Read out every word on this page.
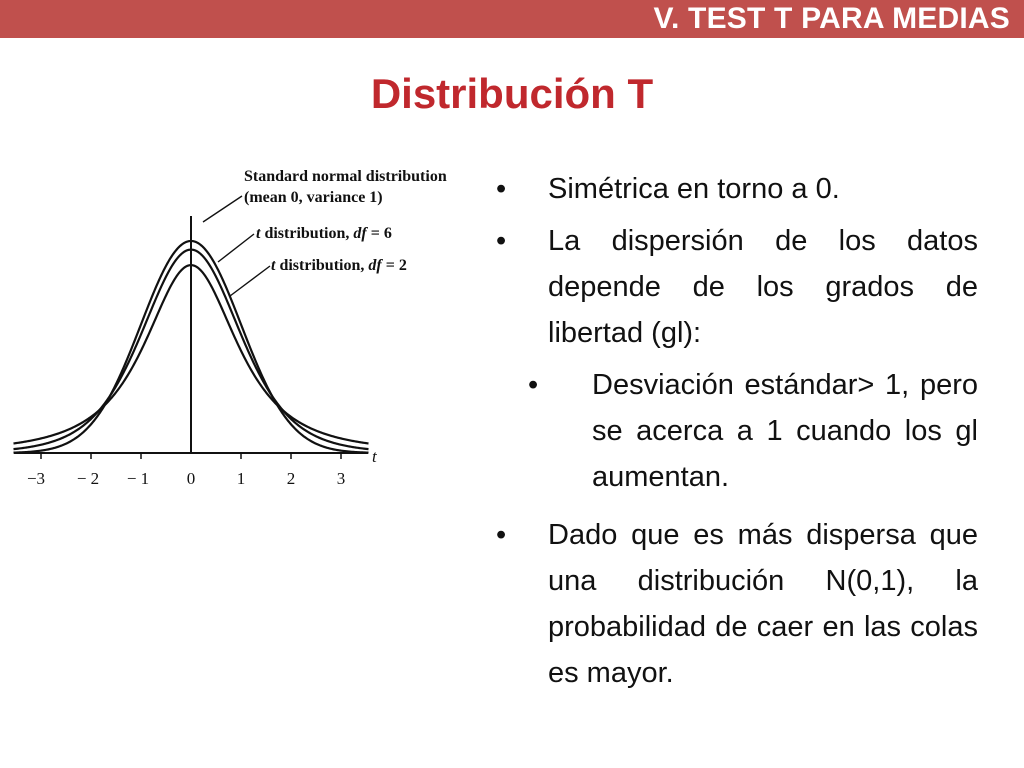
V. TEST T PARA MEDIAS
Distribución T
−3 − 2 − 1 0 1 2 3
t
Standard normal distribution
(mean 0, variance 1)
t distribution, df = 6
t distribution, df = 2
• Simétrica en torno a 0.
• La dispersión de los datos depende de los grados de libertad (gl):
• Desviación estándar> 1, pero se acerca a 1 cuando los gl aumentan.
• Dado que es más dispersa que una distribución N(0,1), la probabilidad de caer en las colas es mayor.
